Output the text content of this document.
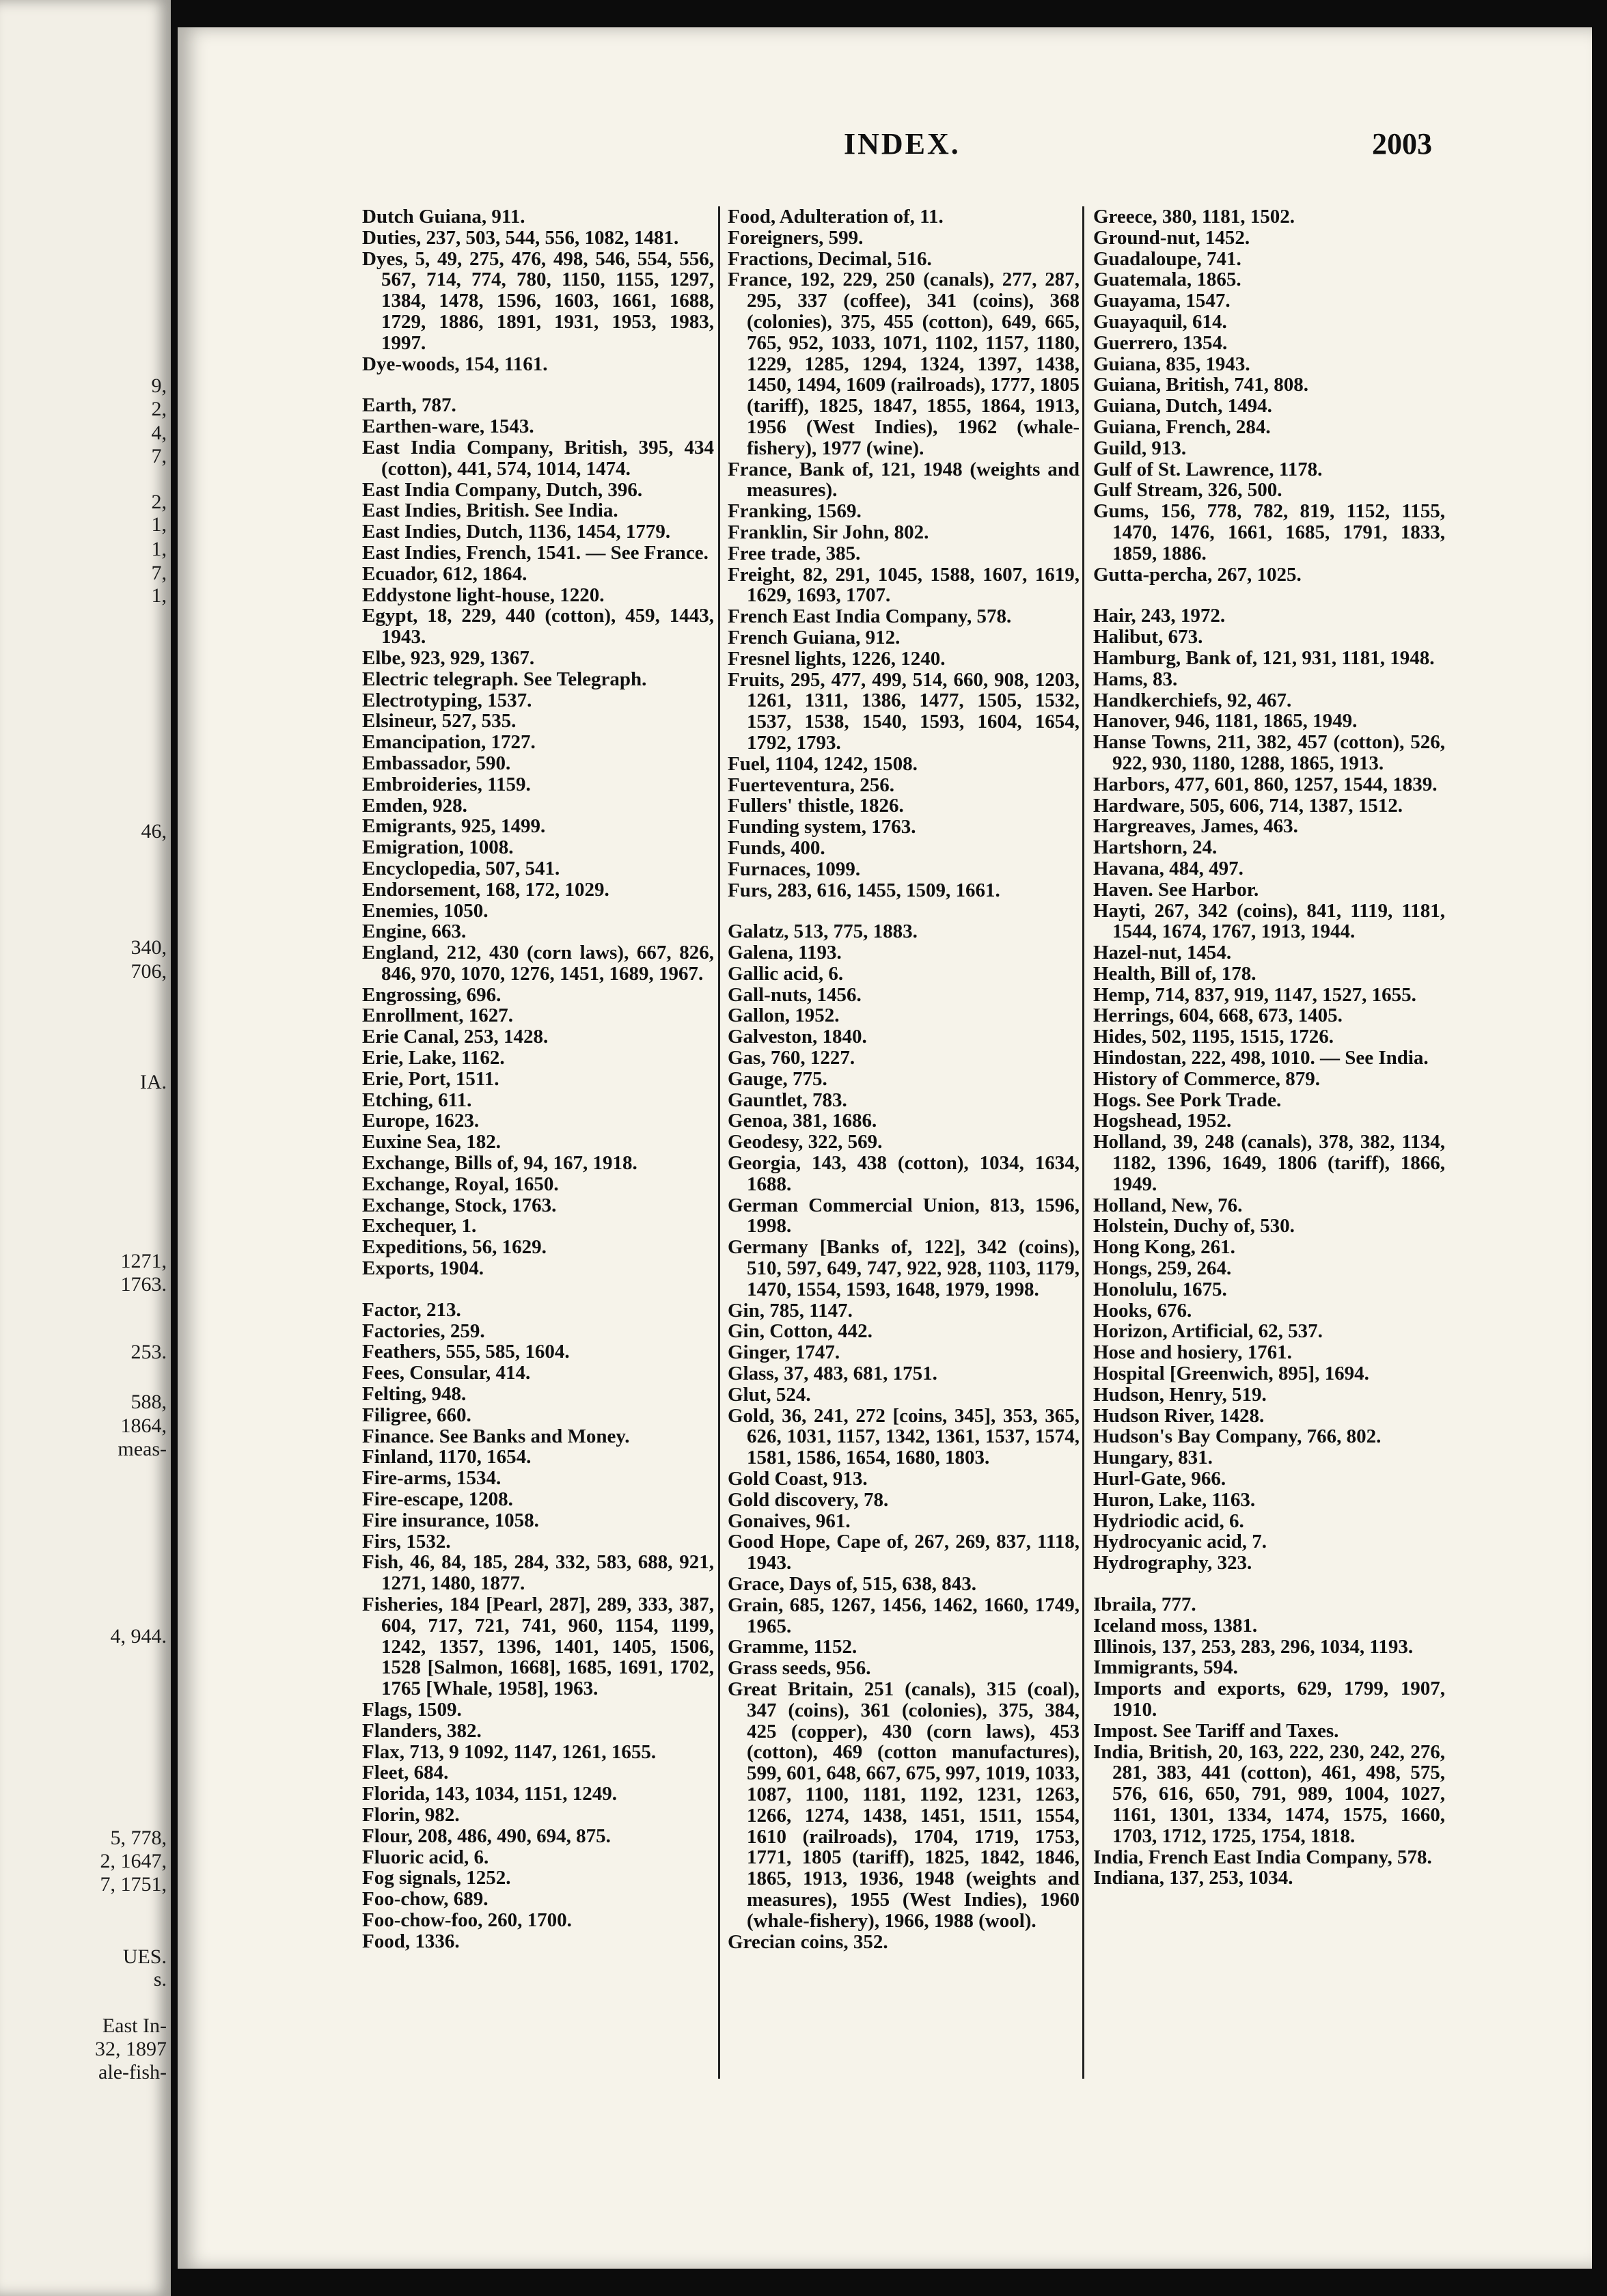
9,
2,
4,
7,
2,
1,
1,
7,
1,
46,
340,
706,
IA.
1271,
1763.
253.
588,
1864,
meas-
4, 944.
5, 778,
2, 1647,
7, 1751,
UES.
s.
East In-
32, 1897
ale-fish-
INDEX.	2003

Dutch Guiana, 911.

Duties, 237, 503, 544, 556, 1082, 1481.

Dyes, 5, 49, 275, 476, 498, 546, 554, 556, 567, 714, 774, 780, 1150, 1155, 1297, 1384, 1478, 1596, 1603, 1661, 1688, 1729, 1886, 1891, 1931, 1953, 1983, 1997.

Dye-woods, 154, 1161.

Earth, 787.

Earthen-ware, 1543.

East India Company, British, 395, 434 (cotton), 441, 574, 1014, 1474.

East India Company, Dutch, 396.

East Indies, British. See India.

East Indies, Dutch, 1136, 1454, 1779.

East Indies, French, 1541. — See France.

Ecuador, 612, 1864.

Eddystone light-house, 1220.

Egypt, 18, 229, 440 (cotton), 459, 1443, 1943.

Elbe, 923, 929, 1367.

Electric telegraph. See Telegraph.

Electrotyping, 1537.

Elsineur, 527, 535.

Emancipation, 1727.

Embassador, 590.

Embroideries, 1159.

Emden, 928.

Emigrants, 925, 1499.

Emigration, 1008.

Encyclopedia, 507, 541.

Endorsement, 168, 172, 1029.

Enemies, 1050.

Engine, 663.

England, 212, 430 (corn laws), 667, 826, 846, 970, 1070, 1276, 1451, 1689, 1967.

Engrossing, 696.

Enrollment, 1627.

Erie Canal, 253, 1428.

Erie, Lake, 1162.

Erie, Port, 1511.

Etching, 611.

Europe, 1623.

Euxine Sea, 182.

Exchange, Bills of, 94, 167, 1918.

Exchange, Royal, 1650.

Exchange, Stock, 1763.

Exchequer, 1.

Expeditions, 56, 1629.

Exports, 1904.

Factor, 213.

Factories, 259.

Feathers, 555, 585, 1604.

Fees, Consular, 414.

Felting, 948.

Filigree, 660.

Finance. See Banks and Money.

Finland, 1170, 1654.

Fire-arms, 1534.

Fire-escape, 1208.

Fire insurance, 1058.

Firs, 1532.

Fish, 46, 84, 185, 284, 332, 583, 688, 921, 1271, 1480, 1877.

Fisheries, 184 [Pearl, 287], 289, 333, 387, 604, 717, 721, 741, 960, 1154, 1199, 1242, 1357, 1396, 1401, 1405, 1506, 1528 [Salmon, 1668], 1685, 1691, 1702, 1765 [Whale, 1958], 1963.

Flags, 1509.

Flanders, 382.

Flax, 713, 9 1092, 1147, 1261, 1655.

Fleet, 684.

Florida, 143, 1034, 1151, 1249.

Florin, 982.

Flour, 208, 486, 490, 694, 875.

Fluoric acid, 6.

Fog signals, 1252.

Foo-chow, 689.

Foo-chow-foo, 260, 1700.

Food, 1336.

Food, Adulteration of, 11.

Foreigners, 599.

Fractions, Decimal, 516.

France, 192, 229, 250 (canals), 277, 287, 295, 337 (coffee), 341 (coins), 368 (colonies), 375, 455 (cotton), 649, 665, 765, 952, 1033, 1071, 1102, 1157, 1180, 1229, 1285, 1294, 1324, 1397, 1438, 1450, 1494, 1609 (railroads), 1777, 1805 (tariff), 1825, 1847, 1855, 1864, 1913, 1956 (West Indies), 1962 (whale-fishery), 1977 (wine).

France, Bank of, 121, 1948 (weights and measures).

Franking, 1569.

Franklin, Sir John, 802.

Free trade, 385.

Freight, 82, 291, 1045, 1588, 1607, 1619, 1629, 1693, 1707.

French East India Company, 578.

French Guiana, 912.

Fresnel lights, 1226, 1240.

Fruits, 295, 477, 499, 514, 660, 908, 1203, 1261, 1311, 1386, 1477, 1505, 1532, 1537, 1538, 1540, 1593, 1604, 1654, 1792, 1793.

Fuel, 1104, 1242, 1508.

Fuerteventura, 256.

Fullers' thistle, 1826.

Funding system, 1763.

Funds, 400.

Furnaces, 1099.

Furs, 283, 616, 1455, 1509, 1661.

Galatz, 513, 775, 1883.

Galena, 1193.

Gallic acid, 6.

Gall-nuts, 1456.

Gallon, 1952.

Galveston, 1840.

Gas, 760, 1227.

Gauge, 775.

Gauntlet, 783.

Genoa, 381, 1686.

Geodesy, 322, 569.

Georgia, 143, 438 (cotton), 1034, 1634, 1688.

German Commercial Union, 813, 1596, 1998.

Germany [Banks of, 122], 342 (coins), 510, 597, 649, 747, 922, 928, 1103, 1179, 1470, 1554, 1593, 1648, 1979, 1998.

Gin, 785, 1147.

Gin, Cotton, 442.

Ginger, 1747.

Glass, 37, 483, 681, 1751.

Glut, 524.

Gold, 36, 241, 272 [coins, 345], 353, 365, 626, 1031, 1157, 1342, 1361, 1537, 1574, 1581, 1586, 1654, 1680, 1803.

Gold Coast, 913.

Gold discovery, 78.

Gonaives, 961.

Good Hope, Cape of, 267, 269, 837, 1118, 1943.

Grace, Days of, 515, 638, 843.

Grain, 685, 1267, 1456, 1462, 1660, 1749, 1965.

Gramme, 1152.

Grass seeds, 956.

Great Britain, 251 (canals), 315 (coal), 347 (coins), 361 (colonies), 375, 384, 425 (copper), 430 (corn laws), 453 (cotton), 469 (cotton manufactures), 599, 601, 648, 667, 675, 997, 1019, 1033, 1087, 1100, 1181, 1192, 1231, 1263, 1266, 1274, 1438, 1451, 1511, 1554, 1610 (railroads), 1704, 1719, 1753, 1771, 1805 (tariff), 1825, 1842, 1846, 1865, 1913, 1936, 1948 (weights and measures), 1955 (West Indies), 1960 (whale-fishery), 1966, 1988 (wool).

Grecian coins, 352.

Greece, 380, 1181, 1502.

Ground-nut, 1452.

Guadaloupe, 741.

Guatemala, 1865.

Guayama, 1547.

Guayaquil, 614.

Guerrero, 1354.

Guiana, 835, 1943.

Guiana, British, 741, 808.

Guiana, Dutch, 1494.

Guiana, French, 284.

Guild, 913.

Gulf of St. Lawrence, 1178.

Gulf Stream, 326, 500.

Gums, 156, 778, 782, 819, 1152, 1155, 1470, 1476, 1661, 1685, 1791, 1833, 1859, 1886.

Gutta-percha, 267, 1025.

Hair, 243, 1972.

Halibut, 673.

Hamburg, Bank of, 121, 931, 1181, 1948.

Hams, 83.

Handkerchiefs, 92, 467.

Hanover, 946, 1181, 1865, 1949.

Hanse Towns, 211, 382, 457 (cotton), 526, 922, 930, 1180, 1288, 1865, 1913.

Harbors, 477, 601, 860, 1257, 1544, 1839.

Hardware, 505, 606, 714, 1387, 1512.

Hargreaves, James, 463.

Hartshorn, 24.

Havana, 484, 497.

Haven. See Harbor.

Hayti, 267, 342 (coins), 841, 1119, 1181, 1544, 1674, 1767, 1913, 1944.

Hazel-nut, 1454.

Health, Bill of, 178.

Hemp, 714, 837, 919, 1147, 1527, 1655.

Herrings, 604, 668, 673, 1405.

Hides, 502, 1195, 1515, 1726.

Hindostan, 222, 498, 1010. — See India.

History of Commerce, 879.

Hogs. See Pork Trade.

Hogshead, 1952.

Holland, 39, 248 (canals), 378, 382, 1134, 1182, 1396, 1649, 1806 (tariff), 1866, 1949.

Holland, New, 76.

Holstein, Duchy of, 530.

Hong Kong, 261.

Hongs, 259, 264.

Honolulu, 1675.

Hooks, 676.

Horizon, Artificial, 62, 537.

Hose and hosiery, 1761.

Hospital [Greenwich, 895], 1694.

Hudson, Henry, 519.

Hudson River, 1428.

Hudson's Bay Company, 766, 802.

Hungary, 831.

Hurl-Gate, 966.

Huron, Lake, 1163.

Hydriodic acid, 6.

Hydrocyanic acid, 7.

Hydrography, 323.

Ibraila, 777.

Iceland moss, 1381.

Illinois, 137, 253, 283, 296, 1034, 1193.

Immigrants, 594.

Imports and exports, 629, 1799, 1907, 1910.

Impost. See Tariff and Taxes.

India, British, 20, 163, 222, 230, 242, 276, 281, 383, 441 (cotton), 461, 498, 575, 576, 616, 650, 791, 989, 1004, 1027, 1161, 1301, 1334, 1474, 1575, 1660, 1703, 1712, 1725, 1754, 1818.

India, French East India Company, 578.

Indiana, 137, 253, 1034.
